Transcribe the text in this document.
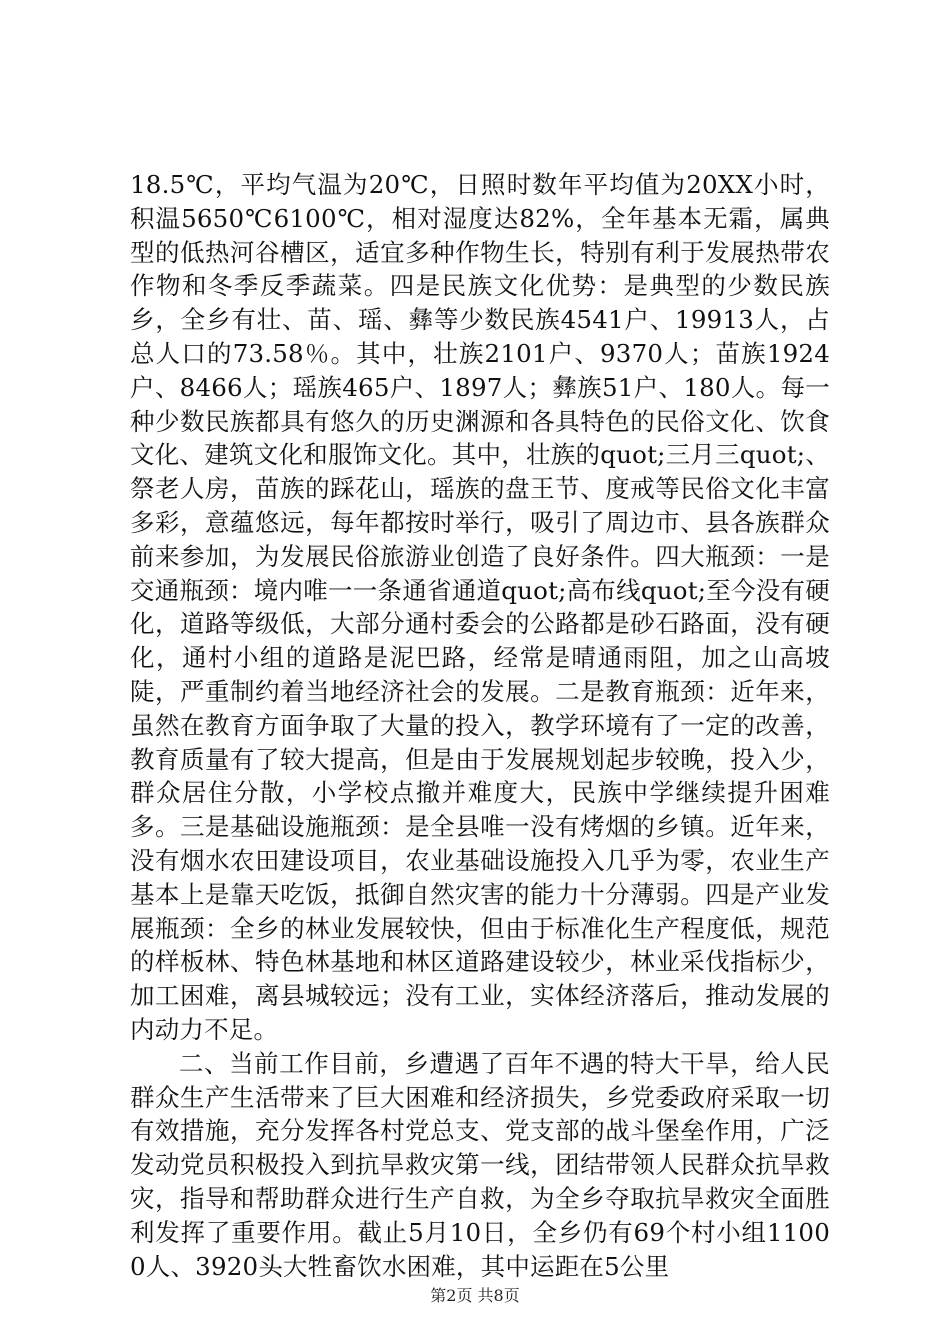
18.5℃，平均气温为20℃，日照时数年平均值为20XX小时，积温5650℃6100℃，相对湿度达82%，全年基本无霜，属典型的低热河谷槽区，适宜多种作物生长，特别有利于发展热带农作物和冬季反季蔬菜。四是民族文化优势：是典型的少数民族乡，全乡有壮、苗、瑶、彝等少数民族4541户、19913人，占总人口的73.58％。其中，壮族2101户、9370人；苗族1924户、8466人；瑶族465户、1897人；彝族51户、180人。每一种少数民族都具有悠久的历史渊源和各具特色的民俗文化、饮食文化、建筑文化和服饰文化。其中，壮族的quot;三月三quot;、祭老人房，苗族的踩花山，瑶族的盘王节、度戒等民俗文化丰富多彩，意蕴悠远，每年都按时举行，吸引了周边市、县各族群众前来参加，为发展民俗旅游业创造了良好条件。四大瓶颈：一是交通瓶颈：境内唯一一条通省通道quot;高布线quot;至今没有硬化，道路等级低，大部分通村委会的公路都是砂石路面，没有硬化，通村小组的道路是泥巴路，经常是晴通雨阻，加之山高坡陡，严重制约着当地经济社会的发展。二是教育瓶颈：近年来，虽然在教育方面争取了大量的投入，教学环境有了一定的改善，教育质量有了较大提高，但是由于发展规划起步较晚，投入少，群众居住分散，小学校点撤并难度大，民族中学继续提升困难多。三是基础设施瓶颈：是全县唯一没有烤烟的乡镇。近年来，没有烟水农田建设项目，农业基础设施投入几乎为零，农业生产基本上是靠天吃饭，抵御自然灾害的能力十分薄弱。四是产业发展瓶颈：全乡的林业发展较快，但由于标准化生产程度低，规范的样板林、特色林基地和林区道路建设较少，林业采伐指标少，加工困难，离县城较远；没有工业，实体经济落后，推动发展的内动力不足。

二、当前工作目前，乡遭遇了百年不遇的特大干旱，给人民群众生产生活带来了巨大困难和经济损失，乡党委政府采取一切有效措施，充分发挥各村党总支、党支部的战斗堡垒作用，广泛发动党员积极投入到抗旱救灾第一线，团结带领人民群众抗旱救灾，指导和帮助群众进行生产自救，为全乡夺取抗旱救灾全面胜利发挥了重要作用。截止5月10日，全乡仍有69个村小组11000人、3920头大牲畜饮水困难，其中运距在5公里

第2页 共8页
